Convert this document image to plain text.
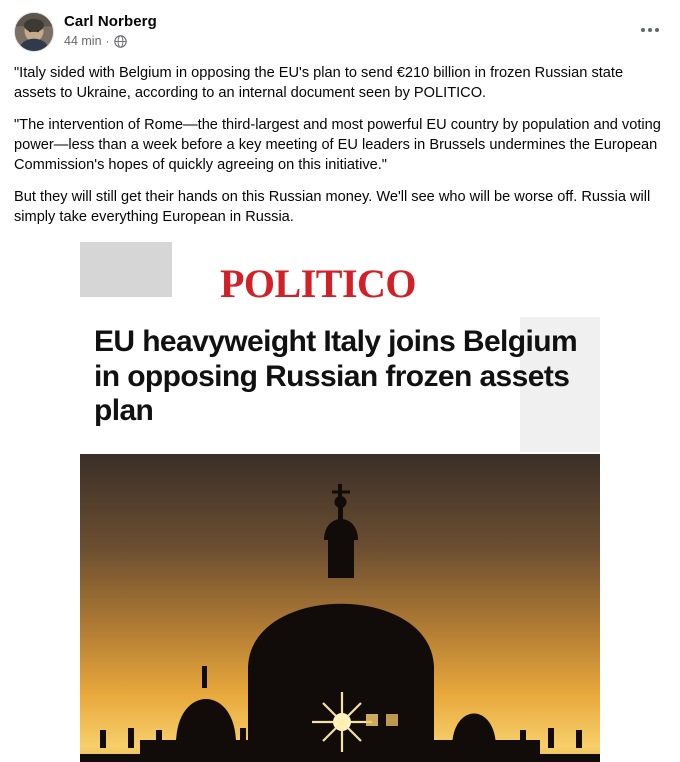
Carl Norberg
44 min ·

"Italy sided with Belgium in opposing the EU's plan to send €210 billion in frozen Russian state assets to Ukraine, according to an internal document seen by POLITICO.

"The intervention of Rome—the third-largest and most powerful EU country by population and voting power—less than a week before a key meeting of EU leaders in Brussels undermines the European Commission's hopes of quickly agreeing on this initiative."

But they will still get their hands on this Russian money. We'll see who will be worse off. Russia will simply take everything European in Russia.

POLITICO
EU heavyweight Italy joins Belgium in opposing Russian frozen assets plan
